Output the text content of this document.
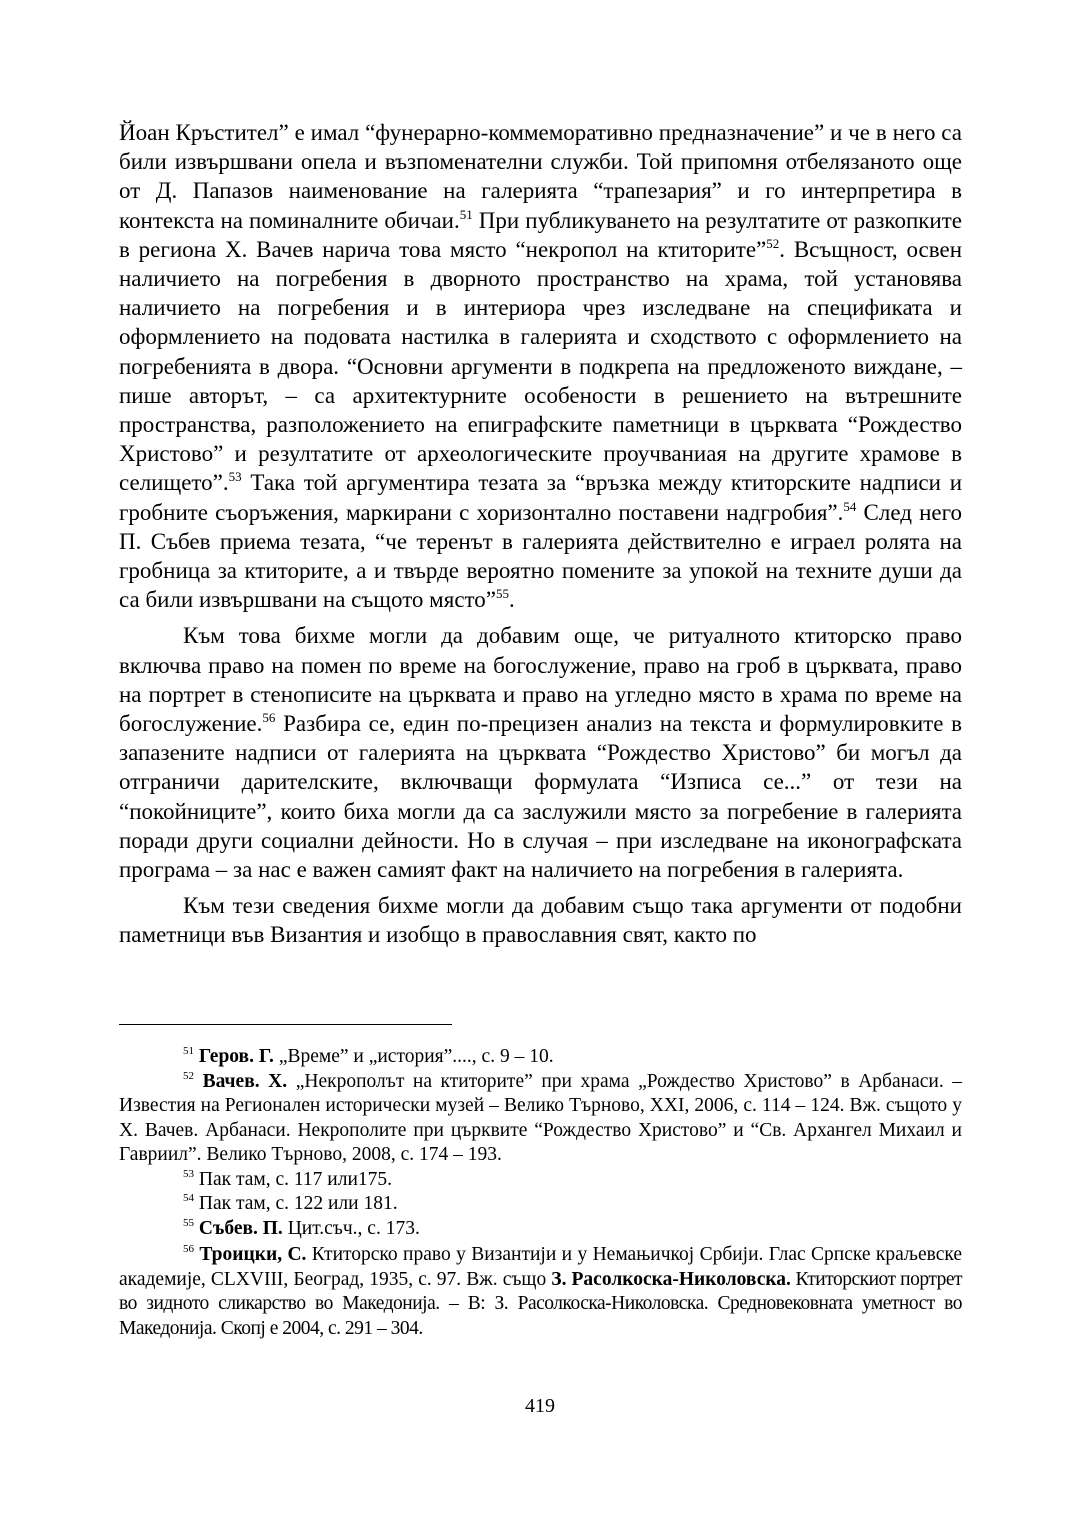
Йоан Кръстител” е имал “фунерарно-коммеморативно предназначение” и че в него са били извършвани опела и възпоменателни служби. Той припомня отбелязаното още от Д. Папазов наименование на галерията “трапезария” и го интерпретира в контекста на поминалните обичаи.$^{51}$ При публикуването на резултатите от разкопките в региона Х. Вачев нарича това място “некропол на ктиторите”$^{52}$. Всъщност, освен наличието на погребения в дворното пространство на храма, той установява наличието на погребения и в интериора чрез изследване на спецификата и оформлението на подовата настилка в галерията и сходството с оформлението на погребенията в двора. “Основни аргументи в подкрепа на предложеното виждане, – пише авторът, – са архитектурните особености в решението на вътрешните пространства, разположението на епиграфските паметници в църквата “Рождество Христово” и резултатите от археологическите проучваниая на другите храмове в селището”.$^{53}$ Така той аргументира тезата за “връзка между ктиторските надписи и гробните съоръжения, маркирани с хоризонтално поставени надгробия”.$^{54}$ След него П. Събев приема тезата, “че теренът в галерията действително е играел ролята на гробница за ктиторите, а и твърде вероятно помените за упокой на техните души да са били извършвани на същото място”$^{55}$.

Към това бихме могли да добавим още, че ритуалното ктиторско право включва право на помен по време на богослужение, право на гроб в църквата, право на портрет в стенописите на църквата и право на угледно място в храма по време на богослужение.$^{56}$ Разбира се, един по-прецизен анализ на текста и формулировките в запазените надписи от галерията на църквата “Рождество Христово” би могъл да отграничи дарителските, включващи формулата “Изписа се...” от тези на “покойниците”, които биха могли да са заслужили място за погребение в галерията поради други социални дейности. Но в случая – при изследване на иконографската програма – за нас е важен самият факт на наличието на погребения в галерията.

Към тези сведения бихме могли да добавим също така аргументи от подобни паметници във Византия и изобщо в православния свят, както по

$^{51}$ Геров. Г. „Време” и „история”...., с. 9 – 10.

$^{52}$ Вачев. Х. „Некрополът на ктиторите” при храма „Рождество Христово” в Арбанаси. – Известия на Регионален исторически музей – Велико Търново, XXI, 2006, с. 114 – 124. Вж. същото у Х. Вачев. Арбанаси. Некрополите при църквите “Рождество Христово” и “Св. Архангел Михаил и Гавриил”. Велико Търново, 2008, с. 174 – 193.

$^{53}$ Пак там, с. 117 или175.

$^{54}$ Пак там, с. 122 или 181.

$^{55}$ Събев. П. Цит.съч., с. 173.

$^{56}$ Троицки, С. Ктиторско право у Византији и у Немањичкој Србији. Глас Српске краљевске академије, CLXVIII, Београд, 1935, с. 97. Вж. също З. Расолкоска-Николовска. Ктиторскиот портрет во зидното сликарство во Македонија. – В: З. Расолкоска-Николовска. Средновековната уметност во Македонија. Скопј е 2004, с. 291 – 304.

419
